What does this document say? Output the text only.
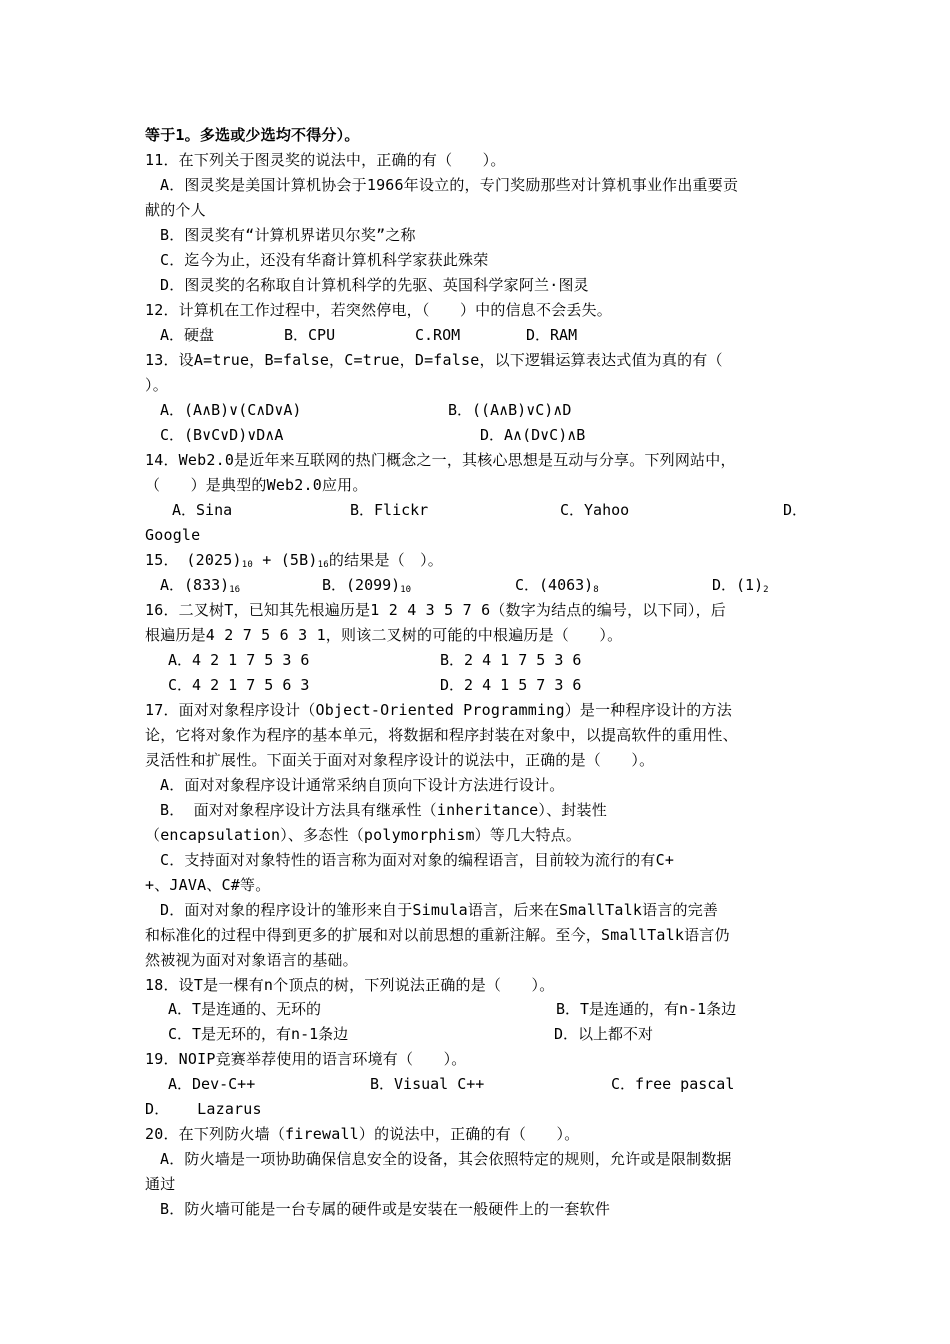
等于1。多选或少选均不得分）。
11．在下列关于图灵奖的说法中，正确的有（　　）。
A．图灵奖是美国计算机协会于1966年设立的，专门奖励那些对计算机事业作出重要贡
献的个人
B．图灵奖有“计算机界诺贝尔奖”之称
C．迄今为止，还没有华裔计算机科学家获此殊荣
D．图灵奖的名称取自计算机科学的先驱、英国科学家阿兰·图灵
12．计算机在工作过程中，若突然停电，（　　）中的信息不会丢失。
A．硬盘	B．CPU	C.ROM	D．RAM
13．设A=true，B=false，C=true，D=false，以下逻辑运算表达式值为真的有（
）。
A．(A∧B)∨(C∧D∨A)	B．((A∧B)∨C)∧D
C．(B∨C∨D)∨D∧A	D．A∧(D∨C)∧B
14．Web2.0是近年来互联网的热门概念之一，其核心思想是互动与分享。下列网站中，
（　　）是典型的Web2.0应用。
A．Sina	B．Flickr	C．Yahoo	D．
Google
15．　$(2025)_{10} + (5B)_{16}$的结果是（　）。
A．$(833)_{16}$	B．$(2099)_{10}$	C．$(4063)_8$	D．$(1)_2$
16．二叉树T，已知其先根遍历是1 2 4 3 5 7 6（数字为结点的编号，以下同），后
根遍历是4 2 7 5 6 3 1，则该二叉树的可能的中根遍历是（　　）。
A．4 2 1 7 5 3 6	B．2 4 1 7 5 3 6
C．4 2 1 7 5 6 3	D．2 4 1 5 7 3 6
17．面对对象程序设计（Object-Oriented Programming）是一种程序设计的方法
论，它将对象作为程序的基本单元，将数据和程序封装在对象中，以提高软件的重用性、
灵活性和扩展性。下面关于面对对象程序设计的说法中，正确的是（　　）。
A．面对对象程序设计通常采纳自顶向下设计方法进行设计。
B． 面对对象程序设计方法具有继承性（inheritance）、封装性
（encapsulation）、多态性（polymorphism）等几大特点。
C．支持面对对象特性的语言称为面对对象的编程语言，目前较为流行的有C+
+、JAVA、C#等。
D．面对对象的程序设计的雏形来自于Simula语言，后来在SmallTalk语言的完善
和标准化的过程中得到更多的扩展和对以前思想的重新注解。至今，SmallTalk语言仍
然被视为面对对象语言的基础。
18．设T是一棵有n个顶点的树，下列说法正确的是（　　）。
A．T是连通的、无环的	B．T是连通的，有n-1条边
C．T是无环的，有n-1条边	D．以上都不对
19．NOIP竞赛举荐使用的语言环境有（　　）。
A．Dev-C++	B．Visual C++	C．free pascal
D．   Lazarus
20．在下列防火墙（firewall）的说法中，正确的有（　　）。
A．防火墙是一项协助确保信息安全的设备，其会依照特定的规则，允许或是限制数据
通过
B．防火墙可能是一台专属的硬件或是安装在一般硬件上的一套软件
